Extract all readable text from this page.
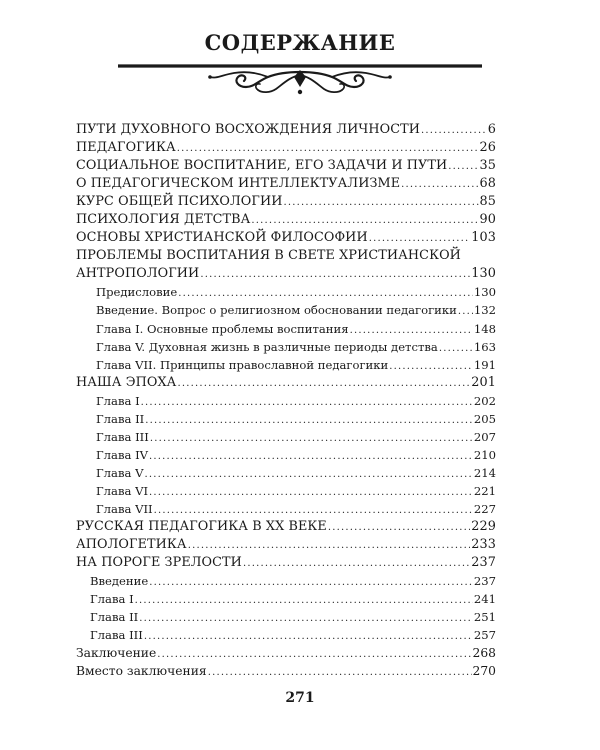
СОДЕРЖАНИЕ
ПУТИ ДУХОВНОГО ВОСХОЖДЕНИЯ ЛИЧНОСТИ .....	6
ПЕДАГОГИКА .....	26
СОЦИАЛЬНОЕ ВОСПИТАНИЕ, ЕГО ЗАДАЧИ И ПУТИ .....	35
О ПЕДАГОГИЧЕСКОМ ИНТЕЛЛЕКТУАЛИЗМЕ .....	68
КУРС ОБЩЕЙ ПСИХОЛОГИИ .....	85
ПСИХОЛОГИЯ ДЕТСТВА .....	90
ОСНОВЫ ХРИСТИАНСКОЙ ФИЛОСОФИИ .....	103
ПРОБЛЕМЫ ВОСПИТАНИЯ В СВЕТЕ ХРИСТИАНСКОЙ
АНТРОПОЛОГИИ .....	130
Предисловие .....	130
Введение. Вопрос о религиозном обосновании педагогики ..... 132
Глава I. Основные проблемы воспитания .....	148
Глава V. Духовная жизнь в различные периоды детства .....	163
Глава VII. Принципы православной педагогики .....	191
НАША ЭПОХА .....	201
Глава I .....	202
Глава II .....	205
Глава III .....	207
Глава IV .....	210
Глава V .....	214
Глава VI .....	221
Глава VII .....	227
РУССКАЯ ПЕДАГОГИКА В XX ВЕКЕ .....	229
АПОЛОГЕТИКА .....	233
НА ПОРОГЕ ЗРЕЛОСТИ .....	237
Введение .....	237
Глава I .....	241
Глава II .....	251
Глава III .....	257
Заключение .....	268
Вместо заключения .....	270
271
